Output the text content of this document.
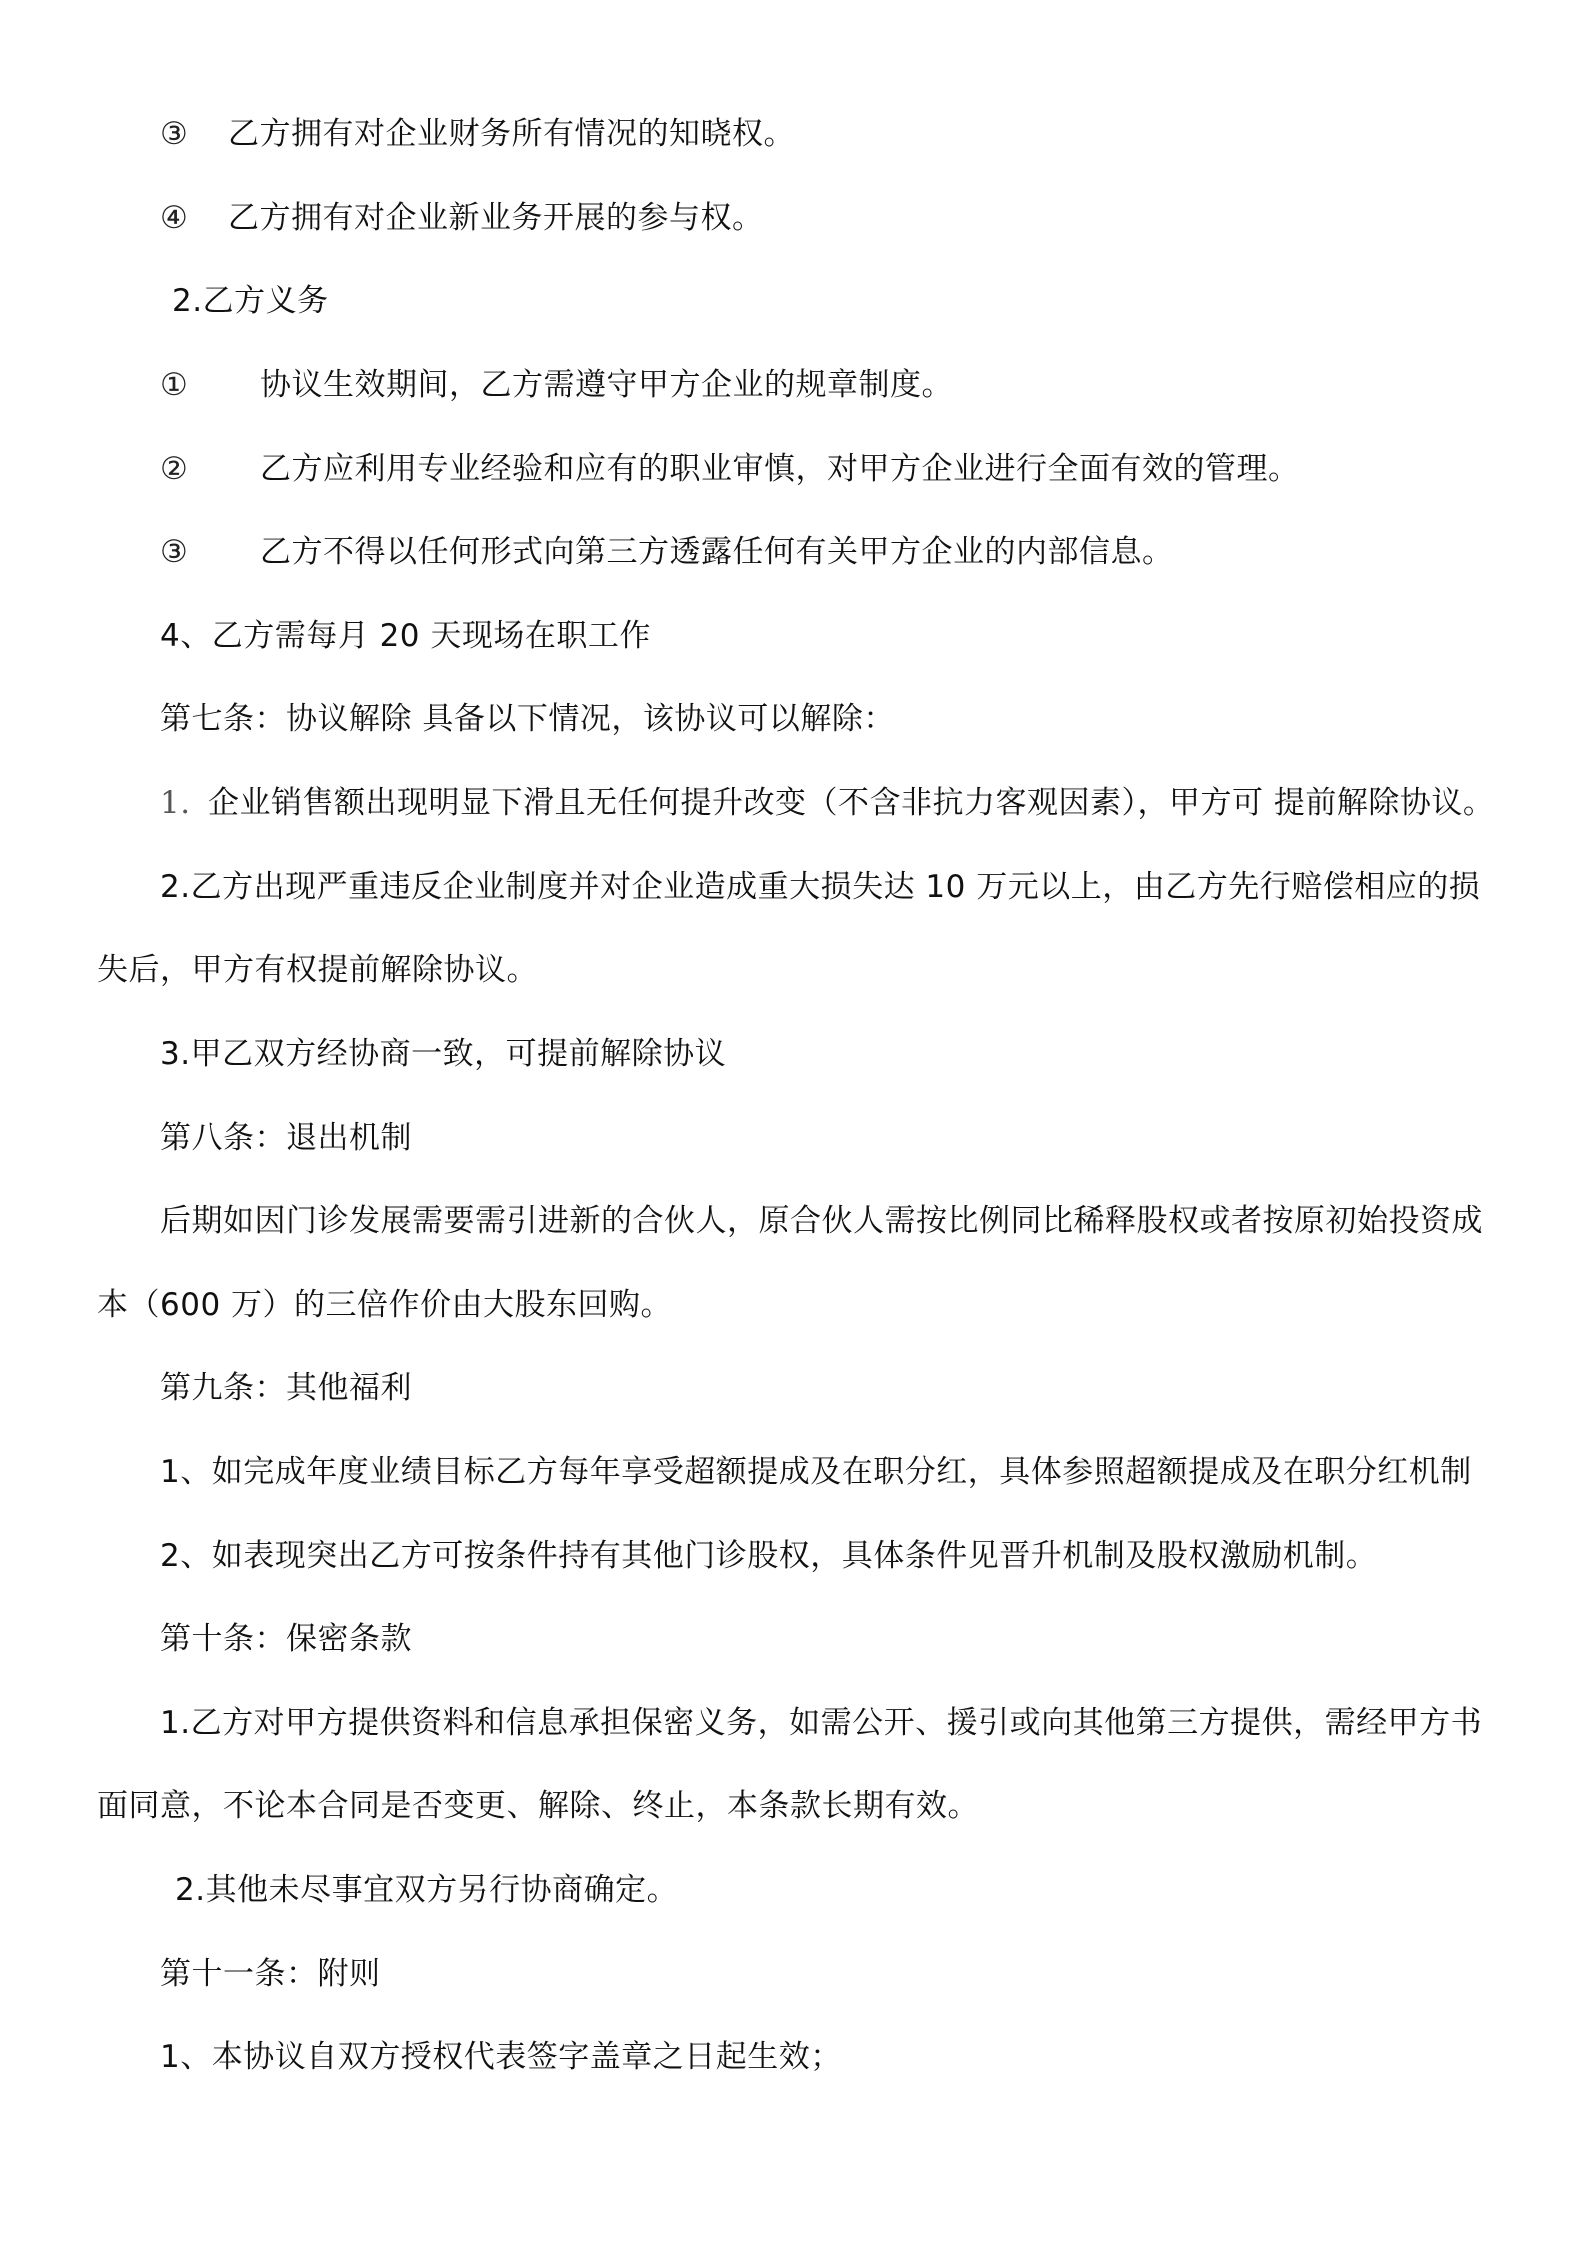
③ 乙方拥有对企业财务所有情况的知晓权。
④ 乙方拥有对企业新业务开展的参与权。
2.乙方义务
① 协议生效期间，乙方需遵守甲方企业的规章制度。
② 乙方应利用专业经验和应有的职业审慎，对甲方企业进行全面有效的管理。
③ 乙方不得以任何形式向第三方透露任何有关甲方企业的内部信息。
4、乙方需每月 20 天现场在职工作
第七条：协议解除 具备以下情况，该协议可以解除：
1. 企业销售额出现明显下滑且无任何提升改变（不含非抗力客观因素），甲方可 提前解除协议。
2.乙方出现严重违反企业制度并对企业造成重大损失达 10 万元以上，由乙方先行赔偿相应的损
失后，甲方有权提前解除协议。
3.甲乙双方经协商一致，可提前解除协议
第八条：退出机制
后期如因门诊发展需要需引进新的合伙人，原合伙人需按比例同比稀释股权或者按原初始投资成
本（600 万）的三倍作价由大股东回购。
第九条：其他福利
1、如完成年度业绩目标乙方每年享受超额提成及在职分红，具体参照超额提成及在职分红机制
2、如表现突出乙方可按条件持有其他门诊股权，具体条件见晋升机制及股权激励机制。
第十条：保密条款
1.乙方对甲方提供资料和信息承担保密义务，如需公开、援引或向其他第三方提供，需经甲方书
面同意，不论本合同是否变更、解除、终止，本条款长期有效。
2.其他未尽事宜双方另行协商确定。
第十一条：附则
1、本协议自双方授权代表签字盖章之日起生效；
